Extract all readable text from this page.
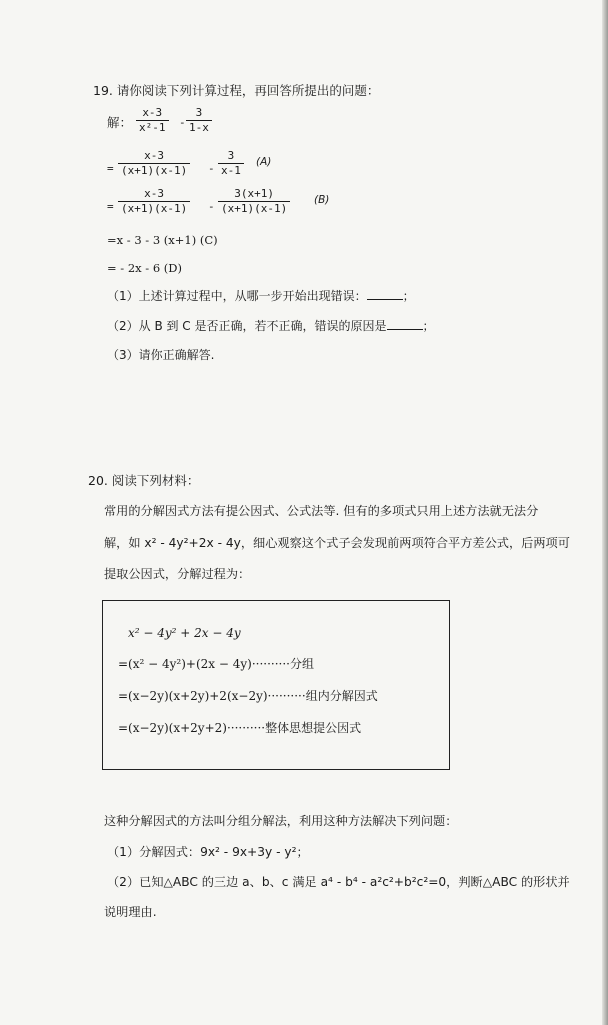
19. 请你阅读下列计算过程，再回答所提出的问题：
解： $\frac{x-3}{\text{x²-1}} - \frac{3}{1-x}$
= $\frac{x-3}{(x+1)(x-1)} - \frac{3}{x-1} (A)$
= $\frac{x-3}{(x+1)(x-1)} - \frac{3(x+1)}{(x+1)(x-1)} (B)$
=x - 3 - 3 (x+1) (C)
= - 2x - 6 (D)
（1）上述计算过程中，从哪一步开始出现错误：	；
（2）从 B 到 C 是否正确，若不正确，错误的原因是	；
（3）请你正确解答.
20. 阅读下列材料：
常用的分解因式方法有提公因式、公式法等. 但有的多项式只用上述方法就无法分
解，如 x² - 4y²+2x - 4y，细心观察这个式子会发现前两项符合平方差公式，后两项可
提取公因式，分解过程为：
x² − 4y² + 2x − 4y
=(x² − 4y²)+(2x − 4y)··········分组
=(x−2y)(x+2y)+2(x−2y)··········组内分解因式
=(x−2y)(x+2y+2)··········整体思想提公因式
这种分解因式的方法叫分组分解法，利用这种方法解决下列问题：
（1）分解因式：9x² - 9x+3y - y²；
（2）已知△ABC 的三边 a、b、c 满足 a⁴ - b⁴ - a²c²+b²c²=0，判断△ABC 的形状并
说明理由.
